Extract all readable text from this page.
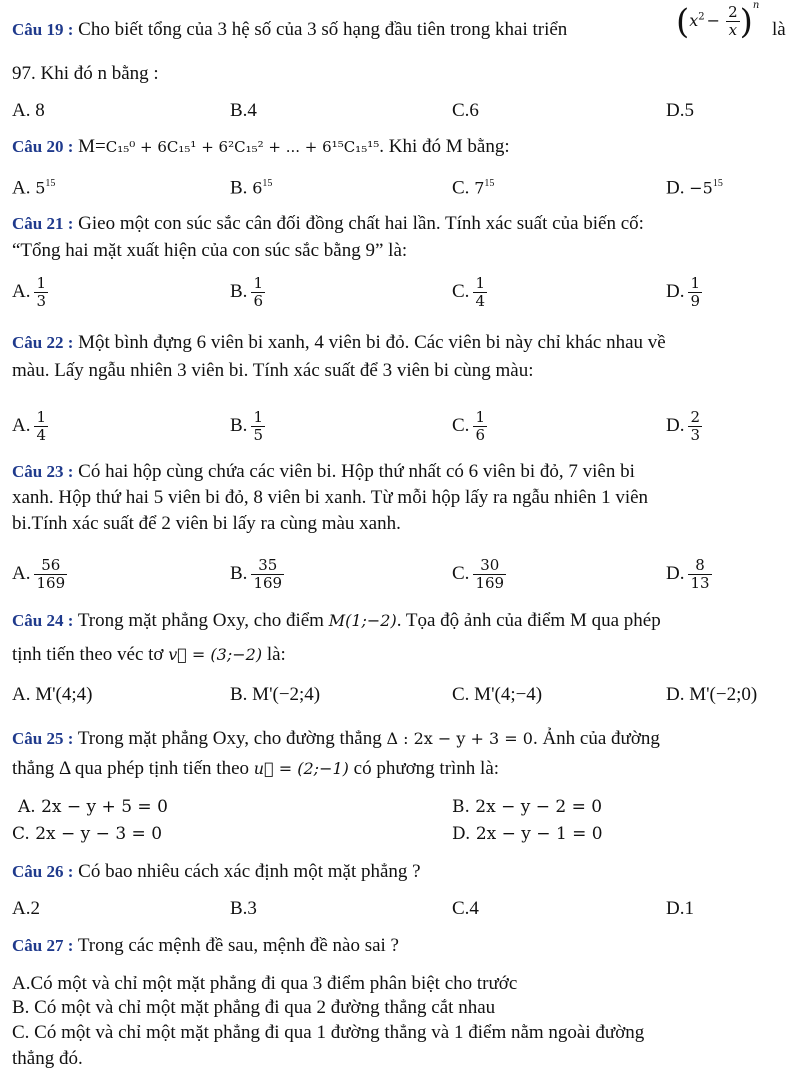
Câu 19 : Cho biết tổng của 3 hệ số của 3 số hạng đầu tiên trong khai triển	$(x^2 - \frac{2}{x} )^n$
là
97. Khi đó n bằng :
A. 8	B.4	C.6	D.5
Câu 20 : M=C₁₅⁰ + 6C₁₅¹ + 6²C₁₅² + ... + 6¹⁵C₁₅¹⁵. Khi đó M bằng:
A. $5^{15}$	B. $6^{15}$	C. $7^{15}$	D. $-5^{15}$
Câu 21 : Gieo một con súc sắc cân đối đồng chất hai lần. Tính xác suất của biến cố:
“Tổng hai mặt xuất hiện của con súc sắc bằng 9” là:
A. $\frac{1}{3}$	B. $\frac{1}{6}$	C. $\frac{1}{4}$	D. $\frac{1}{9}$
Câu 22 : Một bình đựng 6 viên bi xanh, 4 viên bi đỏ. Các viên bi này chỉ khác nhau về
màu. Lấy ngẫu nhiên 3 viên bi. Tính xác suất để 3 viên bi cùng màu:
A. $\frac{1}{4}$	B. $\frac{1}{5}$	C. $\frac{1}{6}$	D. $\frac{2}{3}$
Câu 23 : Có hai hộp cùng chứa các viên bi. Hộp thứ nhất có 6 viên bi đỏ, 7 viên bi
xanh. Hộp thứ hai 5 viên bi đỏ, 8 viên bi xanh. Từ mỗi hộp lấy ra ngẫu nhiên 1 viên
bi.Tính xác suất để 2 viên bi lấy ra cùng màu xanh.
A. $\frac{56}{169}$	B. $\frac{35}{169}$	C. $\frac{30}{169}$	D. $\frac{8}{13}$
Câu 24 : Trong mặt phẳng Oxy, cho điểm M(1;−2). Tọa độ ảnh của điểm M qua phép
tịnh tiến theo véc tơ v⃗ = (3;−2) là:
A. M'(4;4)	B. M'(−2;4)	C. M'(4;−4)	D. M'(−2;0)
Câu 25 : Trong mặt phẳng Oxy, cho đường thẳng Δ : 2x − y + 3 = 0. Ảnh của đường
thẳng Δ qua phép tịnh tiến theo u⃗ = (2;−1) có phương trình là:
A. 2x − y + 5 = 0	B. 2x − y − 2 = 0
C. 2x − y − 3 = 0	D. 2x − y − 1 = 0
Câu 26 : Có bao nhiêu cách xác định một mặt phẳng ?
A.2	B.3	C.4	D.1
Câu 27 : Trong các mệnh đề sau, mệnh đề nào sai ?
A.Có một và chỉ một mặt phẳng đi qua 3 điểm phân biệt cho trước
B. Có một và chỉ một mặt phẳng đi qua 2 đường thẳng cắt nhau
C. Có một và chỉ một mặt phẳng đi qua 1 đường thẳng và 1 điểm nằm ngoài đường
thẳng đó.
